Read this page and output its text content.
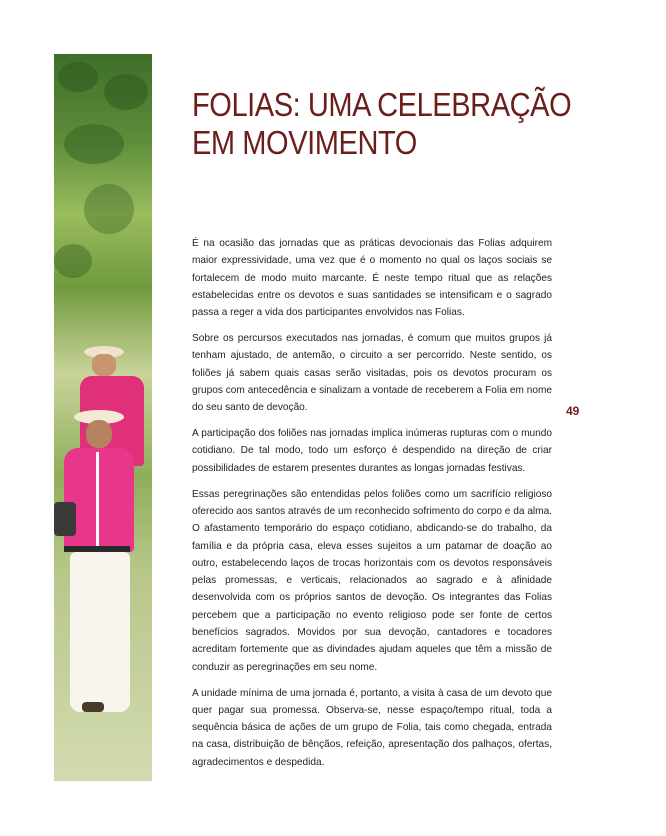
FOLIAS: UMA CELEBRAÇÃO
EM MOVIMENTO

É na ocasião das jornadas que as práticas devocionais das Folias adquirem maior expressividade, uma vez que é o momento no qual os laços sociais se fortalecem de modo muito marcante. É neste tempo ritual que as relações estabelecidas entre os devotos e suas santidades se intensificam e o sagrado passa a reger a vida dos participantes envolvidos nas Folias.

Sobre os percursos executados nas jornadas, é comum que muitos grupos já tenham ajustado, de antemão, o circuito a ser percorrido. Neste sentido, os foliões já sabem quais casas serão visitadas, pois os devotos procuram os grupos com antecedência e sinalizam a vontade de receberem a Folia em nome do seu santo de devoção.

A participação dos foliões nas jornadas implica inúmeras rupturas com o mundo cotidiano. De tal modo, todo um esforço é despendido na direção de criar possibilidades de estarem presentes durantes as longas jornadas festivas.

Essas peregrinações são entendidas pelos foliões como um sacrifício religioso oferecido aos santos através de um reconhecido sofrimento do corpo e da alma. O afastamento temporário do espaço cotidiano, abdicando-se do trabalho, da família e da própria casa, eleva esses sujeitos a um patamar de doação ao outro, estabelecendo laços de trocas horizontais com os devotos responsáveis pelas promessas, e verticais, relacionados ao sagrado e à afinidade desenvolvida com os próprios santos de devoção. Os integrantes das Folias percebem que a participação no evento religioso pode ser fonte de certos benefícios sagrados. Movidos por sua devoção, cantadores e tocadores acreditam fortemente que as divindades ajudam aqueles que têm a missão de conduzir as peregrinações em seu nome.

A unidade mínima de uma jornada é, portanto, a visita à casa de um devoto que quer pagar sua promessa. Observa-se, nesse espaço/tempo ritual, toda a sequência básica de ações de um grupo de Folia, tais como chegada, entrada na casa, distribuição de bênçãos, refeição, apresentação dos palhaços, ofertas, agradecimentos e despedida.

49
